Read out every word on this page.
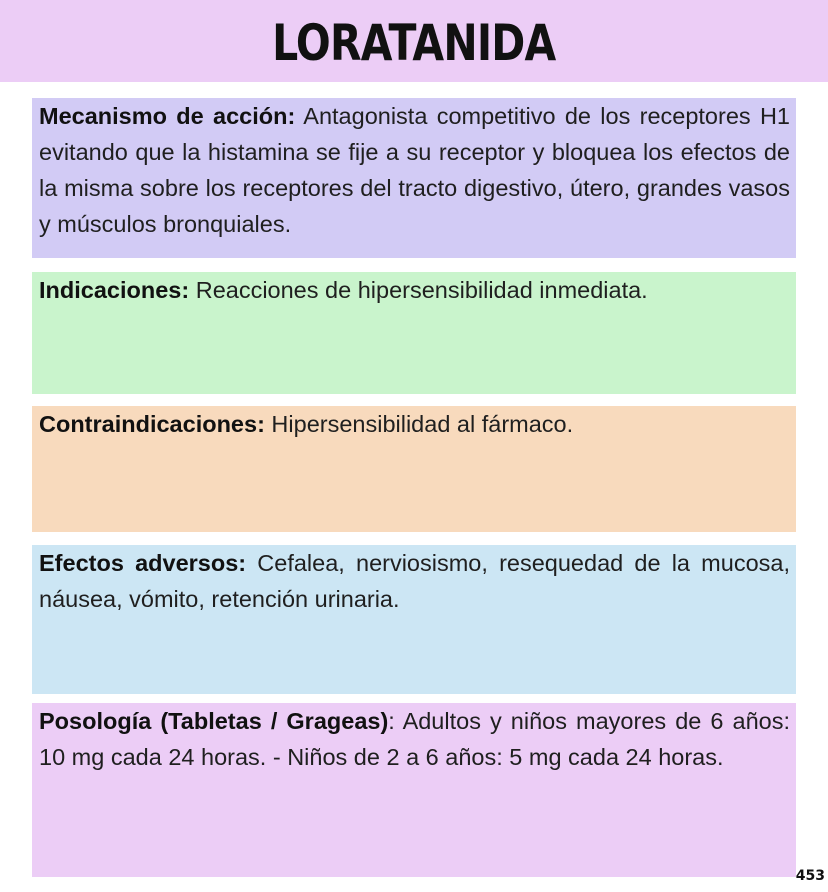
LORATANIDA
Mecanismo de acción: Antagonista competitivo de los receptores H1 evitando que la histamina se fije a su receptor y bloquea los efectos de la misma sobre los receptores del tracto digestivo, útero, grandes vasos y músculos bronquiales.
Indicaciones: Reacciones de hipersensibilidad inmediata.
Contraindicaciones: Hipersensibilidad al fármaco.
Efectos adversos: Cefalea, nerviosismo, resequedad de la mucosa, náusea, vómito, retención urinaria.
Posología (Tabletas / Grageas): Adultos y niños mayores de 6 años: 10 mg cada 24 horas. - Niños de 2 a 6 años: 5 mg cada 24 horas.
453
